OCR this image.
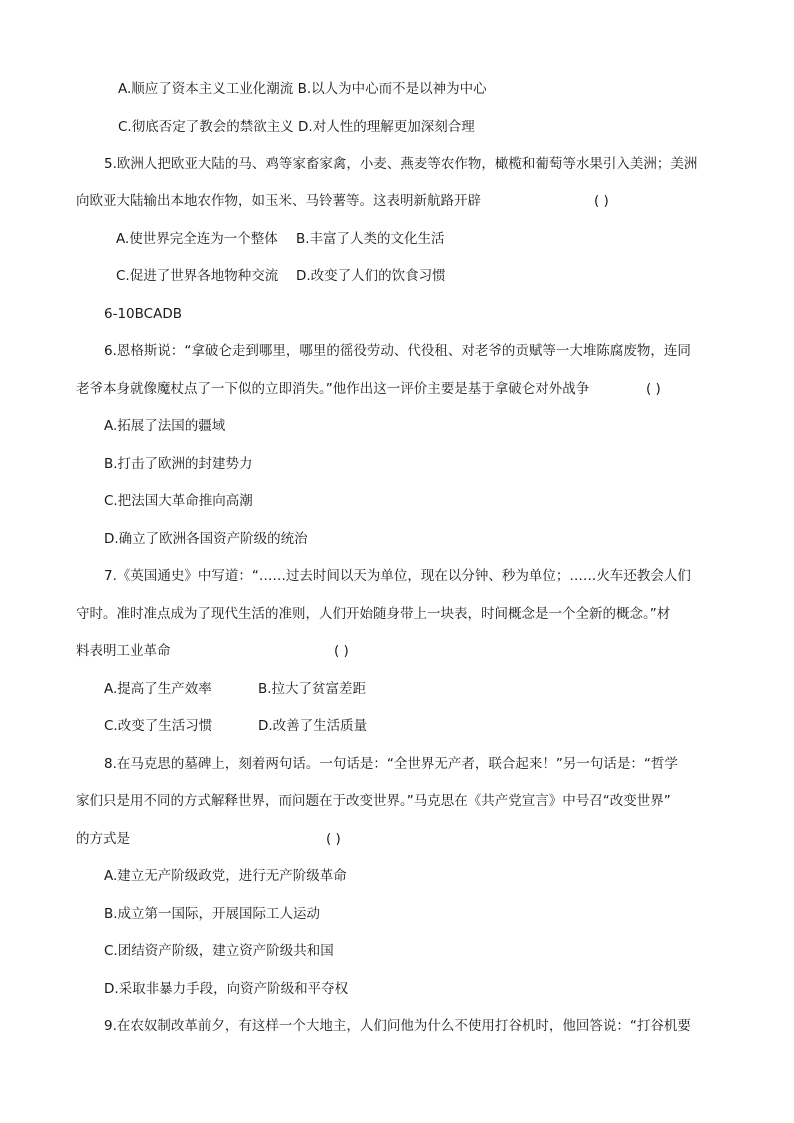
A.顺应了资本主义工业化潮流 B.以人为中心而不是以神为中心
C.彻底否定了教会的禁欲主义 D.对人性的理解更加深刻合理
5.欧洲人把欧亚大陆的马、鸡等家畜家禽，小麦、燕麦等农作物，橄榄和葡萄等水果引入美洲；美洲
向欧亚大陆输出本地农作物，如玉米、马铃薯等。这表明新航路开辟	( )
A.使世界完全连为一个整体 B.丰富了人类的文化生活
C.促进了世界各地物种交流 D.改变了人们的饮食习惯
6-10BCADB
6.恩格斯说：“拿破仑走到哪里，哪里的徭役劳动、代役租、对老爷的贡赋等一大堆陈腐废物，连同
老爷本身就像魔杖点了一下似的立即消失。”他作出这一评价主要是基于拿破仑对外战争	( )
A.拓展了法国的疆域
B.打击了欧洲的封建势力
C.把法国大革命推向高潮
D.确立了欧洲各国资产阶级的统治
7.《英国通史》中写道：“……过去时间以天为单位，现在以分钟、秒为单位；……火车还教会人们
守时。准时准点成为了现代生活的准则，人们开始随身带上一块表，时间概念是一个全新的概念。”材
料表明工业革命	( )
A.提高了生产效率	B.拉大了贫富差距
C.改变了生活习惯	D.改善了生活质量
8.在马克思的墓碑上，刻着两句话。一句话是：“全世界无产者，联合起来！”另一句话是：“哲学
家们只是用不同的方式解释世界，而问题在于改变世界。”马克思在《共产党宣言》中号召“改变世界”
的方式是	( )
A.建立无产阶级政党，进行无产阶级革命
B.成立第一国际，开展国际工人运动
C.团结资产阶级，建立资产阶级共和国
D.采取非暴力手段，向资产阶级和平夺权
9.在农奴制改革前夕，有这样一个大地主，人们问他为什么不使用打谷机时，他回答说：“打谷机要
